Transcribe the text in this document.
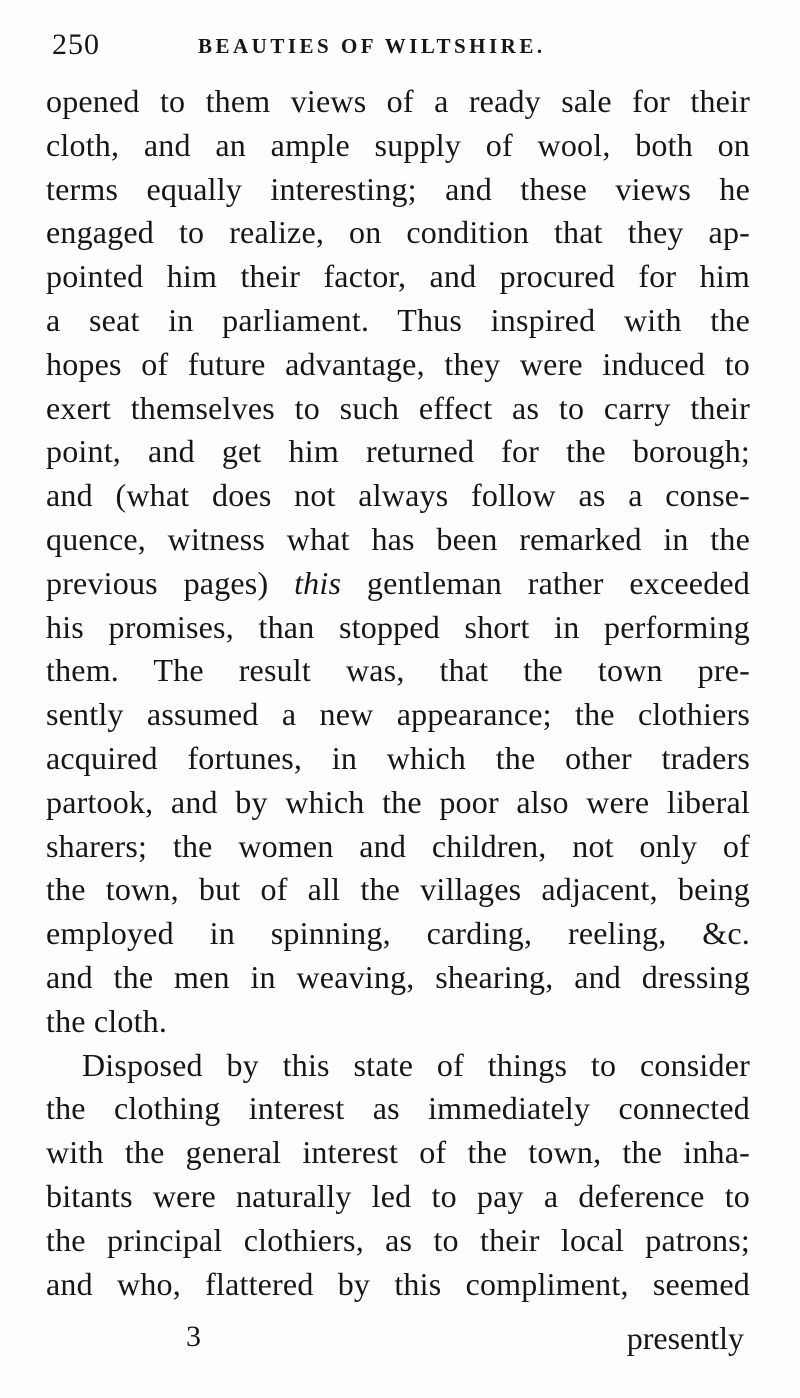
250	BEAUTIES OF WILTSHIRE.
opened to them views of a ready sale for their
cloth, and an ample supply of wool, both on
terms equally interesting; and these views he
engaged to realize, on condition that they ap-
pointed him their factor, and procured for him
a seat in parliament. Thus inspired with the
hopes of future advantage, they were induced to
exert themselves to such effect as to carry their
point, and get him returned for the borough;
and (what does not always follow as a conse-
quence, witness what has been remarked in the
previous pages) this gentleman rather exceeded
his promises, than stopped short in performing
them. The result was, that the town pre-
sently assumed a new appearance; the clothiers
acquired fortunes, in which the other traders
partook, and by which the poor also were liberal
sharers; the women and children, not only of
the town, but of all the villages adjacent, being
employed in spinning, carding, reeling, &c.
and the men in weaving, shearing, and dressing
the cloth.
Disposed by this state of things to consider
the clothing interest as immediately connected
with the general interest of the town, the inha-
bitants were naturally led to pay a deference to
the principal clothiers, as to their local patrons;
and who, flattered by this compliment, seemed
3	presently
